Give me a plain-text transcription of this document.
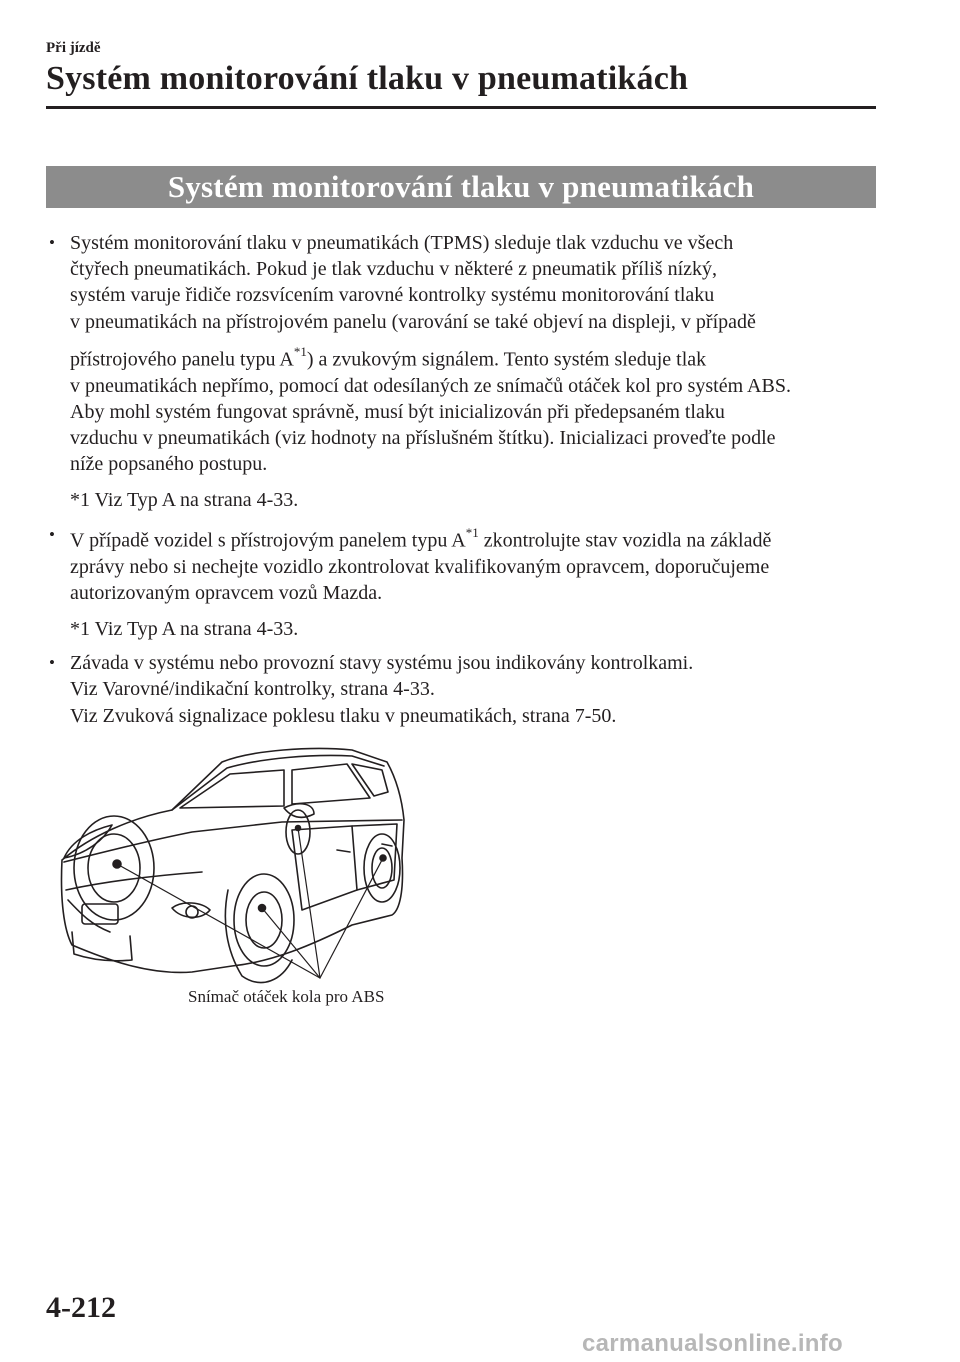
Při jízdě
Systém monitorování tlaku v pneumatikách
Systém monitorování tlaku v pneumatikách
• Systém monitorování tlaku v pneumatikách (TPMS) sleduje tlak vzduchu ve všech
čtyřech pneumatikách. Pokud je tlak vzduchu v některé z pneumatik příliš nízký,
systém varuje řidiče rozsvícením varovné kontrolky systému monitorování tlaku
v pneumatikách na přístrojovém panelu (varování se také objeví na displeji, v případě
přístrojového panelu typu $A^{*1}$) a zvukovým signálem. Tento systém sleduje tlak
v pneumatikách nepřímo, pomocí dat odesílaných ze snímačů otáček kol pro systém ABS.
Aby mohl systém fungovat správně, musí být inicializován při předepsaném tlaku
vzduchu v pneumatikách (viz hodnoty na příslušném štítku). Inicializaci proveďte podle
níže popsaného postupu.
*1 Viz Typ A na strana 4-33.
• V případě vozidel s přístrojovým panelem typu $A^{*1}$ zkontrolujte stav vozidla na základě
zprávy nebo si nechejte vozidlo zkontrolovat kvalifikovaným opravcem, doporučujeme
autorizovaným opravcem vozů Mazda.
*1 Viz Typ A na strana 4-33.
• Závada v systému nebo provozní stavy systému jsou indikovány kontrolkami.
Viz Varovné/indikační kontrolky, strana 4-33.
Viz Zvuková signalizace poklesu tlaku v pneumatikách, strana 7-50.
Snímač otáček kola pro ABS
4-212
carmanualsonline.info
